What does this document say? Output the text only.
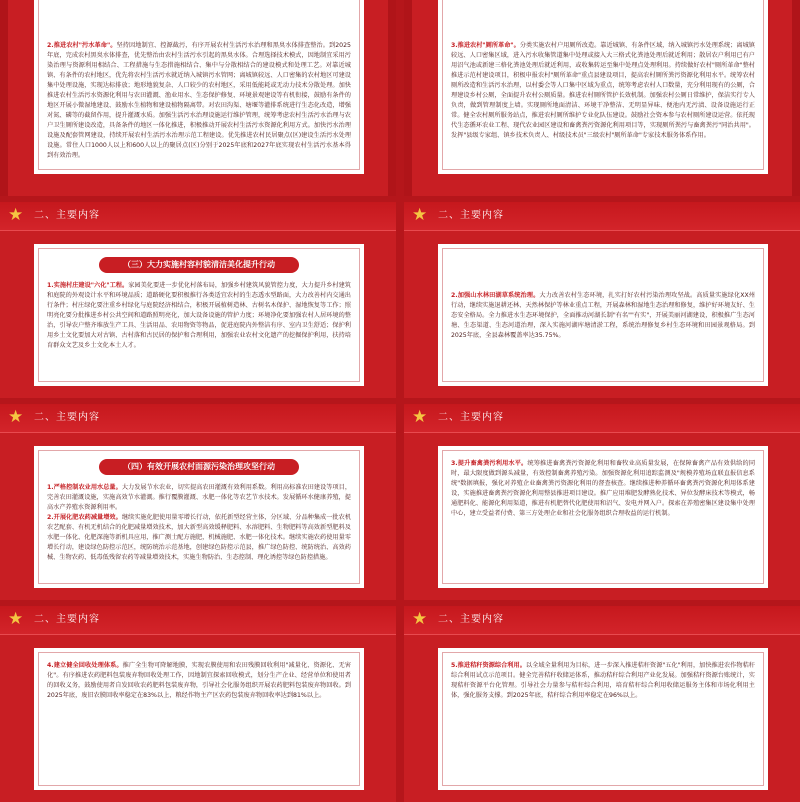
2.推进农村"污水革命"。坚持因地制宜、控源截污，有序开展农村生活污水治理和黑臭水体排查整治。到2025年底，完成农村黑臭水体排查，优先整治由农村生活污水引起的黑臭水体。合理选择技术模式，因地制宜采用污染治理与资源利用相结合、工程措施与生态措施相结合、集中与分散相结合的建设模式和处理工艺。对靠近城镇、有条件的农村地区，优先将农村生活污水就近纳入城镇污水管网；离城镇较远、人口密集的农村地区可建设集中处理设施，实现达标排放；地形地貌复杂、人口较少的农村地区，采用低能耗或无动力技术分散处理。加快推进农村生活污水资源化利用与农田灌溉、渔业用水、生态保护修复、环境景观建设等有机衔接，鼓励有条件的地区开展小微湿地建设、鼓励水生植物和建设植物隔离带。对农田沟渠、塘堰等灌排系统进行生态化改造，增强对氮、磷等的截留作用，提升灌溉水质。加强生活污水治理设施运行维护管理，统筹考虑农村生活污水治理与农户卫生厕所建设改造，具备条件的地区一体化推进，积极推动开展农村生活污水资源化利用方式。加快污水治理设施及配套管网建设，持续开展农村生活污水治理示范工程建设。优先推进农村民居聚点(区)建设生活污水处理设施。常住人口1000人以上和600人以上的聚居点(区)分别于2025年底和2027年底实现农村生活污水基本得到有效治理。
3.推进农村"厕所革命"。分类实施农村户用厕所改造。靠近城镇、有条件区域，纳入城镇污水处理系统；离城镇较远、人口密集区域，进入污水收集管道集中处理或接入大三格式化粪池处理后就近利用；散居农户利用已有户用沼气池或新建三格化粪池处理后就近利用，或收集转运至集中处理点处理利用。持续做好农村"厕所革命"整村推进示范村建设项目，积极申报农村"厕所革命"重点县建设项目，提高农村厕所粪污资源化利用水平。统筹农村厕所改造和生活污水治理，以村委会等人口集中区域为重点，统筹考虑农村人口数量，充分利用现有的公厕，合理建设乡村公厕，全面提升农村公厕质量。推进农村厕所管护长效机制。加强农村公厕日常维护，保洁实行专人负责，做到管理制度上墙。实现厕所地面清洁、环境干净整洁、无明显异味、便池内无污渍、设备设施运行正常。健全农村厕所服务站点，推进农村厕所维护专业化队伍建设。鼓励社会资本参与农村厕所建设运营。依托现代生态循环农业工程、现代农业园区建设和畜禽粪污资源化利用项目等，实现厕所粪污与畜禽粪污"同治共用"。发挥"县级专家组、镇乡技术负责人、村级技术员"三级农村"厕所革命"专家技术服务体系作用。
★ 二、主要内容
（三）大力实施村容村貌清洁美化提升行动
1.实施村庄建设"六化"工程。家园美化要进一步优化村落布局，加强乡村建筑风貌管控力度，大力提升乡村建筑和庭院的外观设计水平和环境品质；道路硬化要积极推行各类适宜农村的生态透水型路面，大力改善村内交通出行条件；村庄绿化要注重乡村绿化与庭院经济相结合，积极开展植树造林、古树名木保护、湿地恢复等工作；照明亮化要分批推进乡村公共空间和道路照明亮化，加大设备设施的管护力度；环境净化要加强农村人居环境的整治，引导农户整齐堆放生产工具、生活用品、农用物资等物品，促进庭院内外整洁有序、室内卫生舒适；保护利用乡土文化要加大对古镇、古村落和古民居的保护和合理利用，加强农业农村文化遗产的挖掘保护利用，扶持培育群众文艺及乡土文化本土人才。
★ 二、主要内容
2.加强山水林田湖草系统治理。大力改善农村生态环境，扎实打好农村污染治理攻坚战。高质量实施绿化XX州行动，继续实施退耕还林、天然林保护等林业重点工程，开展森林和湿地生态治理和修复，维护好环境友好、生态安全格局。全力推进水生态环境保护，全面推动河湖长制"有名""有实"，开展美丽河湖建设，积极推广生态河塘、生态渠道、生态河道治理，深入实施河湖库塘清淤工程，系统治理修复乡村生态环境和田园景观格局。到2025年底，全县森林覆盖率达35.75%。
★ 二、主要内容
（四）有效开展农村面源污染治理攻坚行动
1.严格控制农业用水总量。大力发展节水农业，切实提高农田灌溉有效利用系数。利用高标准农田建设等项目，完善农田灌溉设施，实施高效节水灌溉。推行覆膜灌溉、水肥一体化等农艺节水技术。发展循环水健康养殖，提高水产养殖水资源利用率。
2.开展化肥农药减量增效。继续实施化肥使用量零增长行动，依托新型经营主体，分区域、分品种集成一批农机农艺配套、有机无机结合的化肥减量增效技术，加大新型高效缓释肥料、水溶肥料、生物肥料等高效新型肥料及水肥一体化、化肥深施等新机具应用，推广测土配方施肥，机械施肥、水肥一体化技术。继续实施农药使用量零增长行动，建设绿色防控示范区，统防统治示范基地，创建绿色防控示范县，推广绿色防控、统防统治、高效药械、生物农药、低毒低残留农药等减量增效技术，实施生物防治、生态控制、理化诱控等绿色防控措施。
★ 二、主要内容
3.提升畜禽粪污利用水平。统筹推进畜禽粪污资源化利用和畜牧业高质量发展，在保障畜禽产品有效供给的同时，最大限度做到源头减量，有效控制畜禽养殖污染。加强资源化利用追踪监测及"规模养殖场直联直报信息系统"数据填报，强化对养殖企业畜禽粪污资源化利用的督查核查。继续推进种养循环畜禽粪污资源化利用体系建设，实施推进畜禽粪污资源化利用整县推进项目建设。推广应用堆肥发酵熟化技术、异位发酵床技术等模式，畅通肥料化、能源化利用渠道，推进有机肥替代化肥使用和沼气、发电并网入户。探索在养殖密集区建设集中处理中心，建立受益者付费、第三方处理企业和社会化服务组织合理收益的运行机制。
★ 二、主要内容
4.建立健全回收处理体系。推广全生物可降解地膜，实现农膜使用和农田残膜回收利用"减量化、资源化、无害化"。有序推进农药肥料包装废弃物回收处理工作，因地制宜探索回收模式，划分生产企业、经营单位和使用者的回收义务，鼓励使用者自发回收农药肥料包装废弃物，引导社会化服务组织开展农药肥料包装废弃物回收。到2025年底，废旧农膜回收率稳定在83%以上，粮经作物主产区农药包装废弃物回收率达到81%以上。
★ 二、主要内容
5.推进秸秆资源综合利用。以全域全量利用为目标，进一步深入推进秸秆资源"五化"利用，加快推进农作物秸秆综合利用试点示范项目。健全完善秸秆收储运体系，推动秸秆综合利用产业化发展。加强秸秆资源台账统计，实现秸秆资源平台化管理。引导社会力量参与秸秆综合利用，培育秸秆综合利用收储运服务主体和市场化利用主体，强化服务支撑。到2025年底，秸秆综合利用率稳定在96%以上。
